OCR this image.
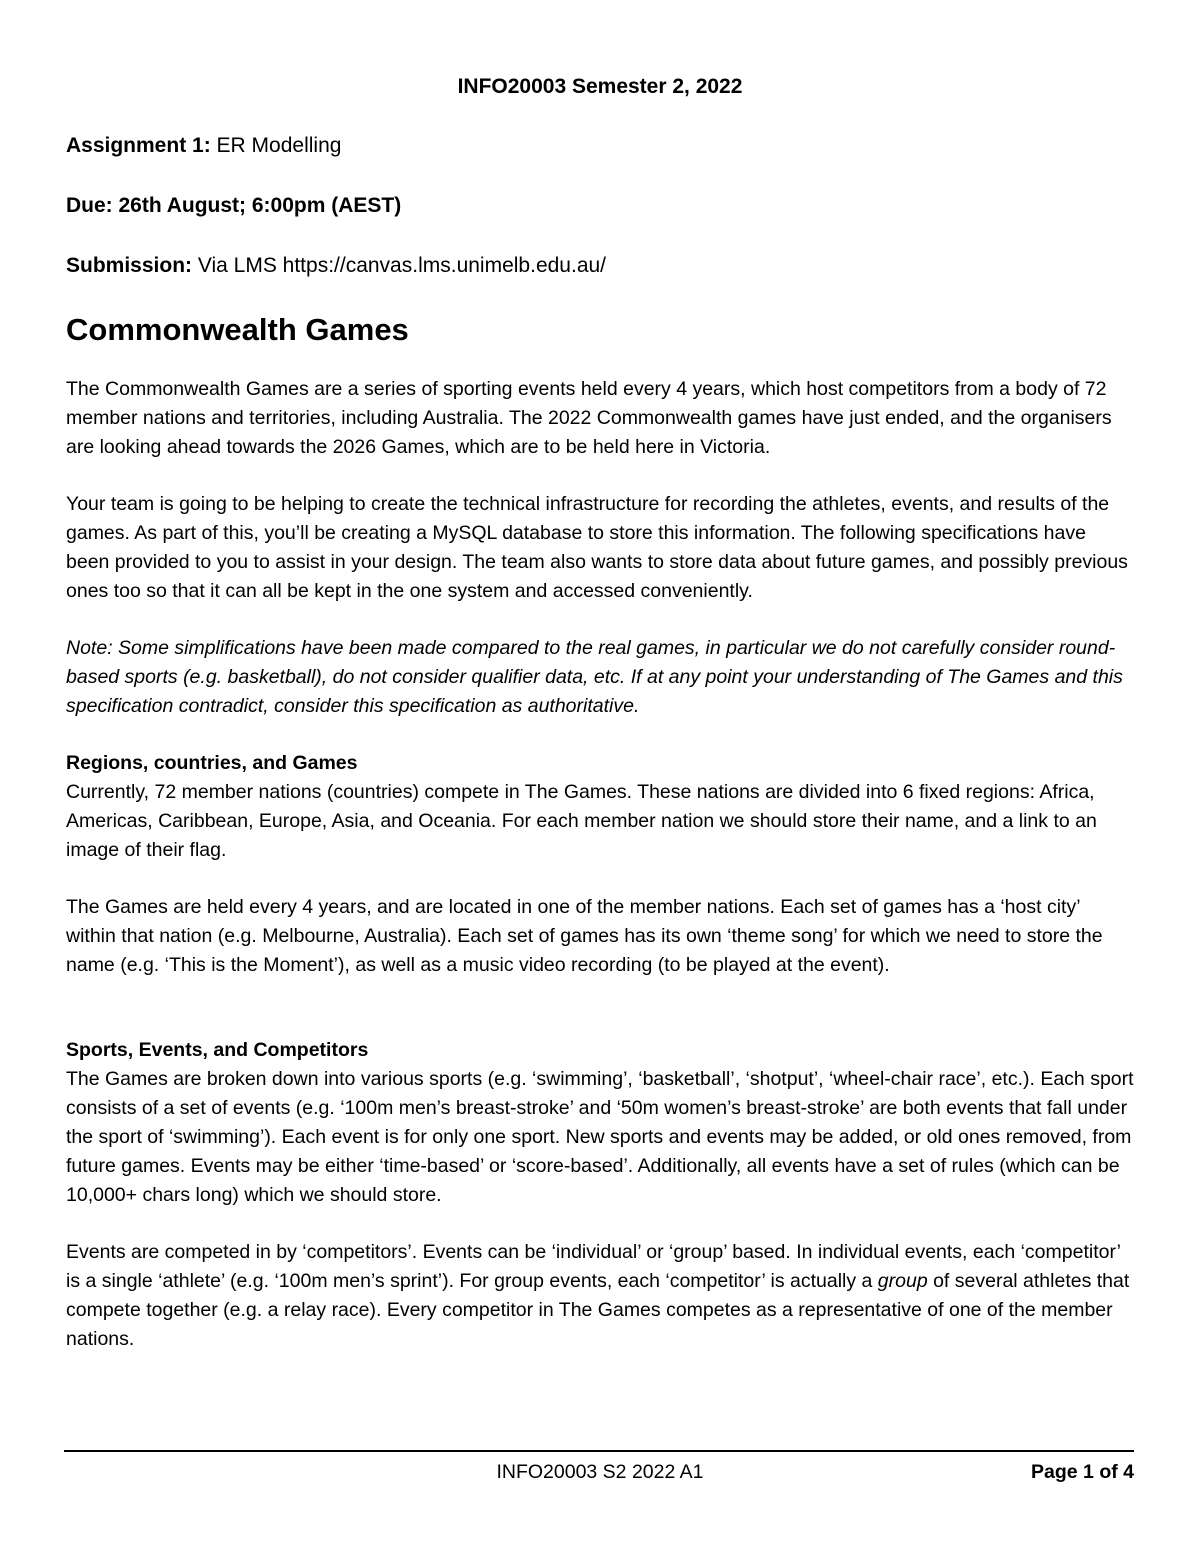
INFO20003 Semester 2, 2022
Assignment 1: ER Modelling
Due: 26th August; 6:00pm (AEST)
Submission: Via LMS https://canvas.lms.unimelb.edu.au/
Commonwealth Games

The Commonwealth Games are a series of sporting events held every 4 years, which host competitors from a body of 72 member nations and territories, including Australia. The 2022 Commonwealth games have just ended, and the organisers are looking ahead towards the 2026 Games, which are to be held here in Victoria.

Your team is going to be helping to create the technical infrastructure for recording the athletes, events, and results of the games. As part of this, you’ll be creating a MySQL database to store this information. The following specifications have been provided to you to assist in your design. The team also wants to store data about future games, and possibly previous ones too so that it can all be kept in the one system and accessed conveniently.

Note: Some simplifications have been made compared to the real games, in particular we do not carefully consider round-based sports (e.g. basketball), do not consider qualifier data, etc. If at any point your understanding of The Games and this specification contradict, consider this specification as authoritative.

Regions, countries, and Games
Currently, 72 member nations (countries) compete in The Games. These nations are divided into 6 fixed regions: Africa, Americas, Caribbean, Europe, Asia, and Oceania. For each member nation we should store their name, and a link to an image of their flag.

The Games are held every 4 years, and are located in one of the member nations. Each set of games has a ‘host city’ within that nation (e.g. Melbourne, Australia). Each set of games has its own ‘theme song’ for which we need to store the name (e.g. ‘This is the Moment’), as well as a music video recording (to be played at the event).

Sports, Events, and Competitors
The Games are broken down into various sports (e.g. ‘swimming’, ‘basketball’, ‘shotput’, ‘wheel-chair race’, etc.). Each sport consists of a set of events (e.g. ‘100m men’s breast-stroke’ and ‘50m women’s breast-stroke’ are both events that fall under the sport of ‘swimming’). Each event is for only one sport. New sports and events may be added, or old ones removed, from future games. Events may be either ‘time-based’ or ‘score-based’. Additionally, all events have a set of rules (which can be 10,000+ chars long) which we should store.

Events are competed in by ‘competitors’. Events can be ‘individual’ or ‘group’ based. In individual events, each ‘competitor’ is a single ‘athlete’ (e.g. ‘100m men’s sprint’). For group events, each ‘competitor’ is actually a group of several athletes that compete together (e.g. a relay race). Every competitor in The Games competes as a representative of one of the member nations.

INFO20003 S2 2022 A1	Page 1 of 4
